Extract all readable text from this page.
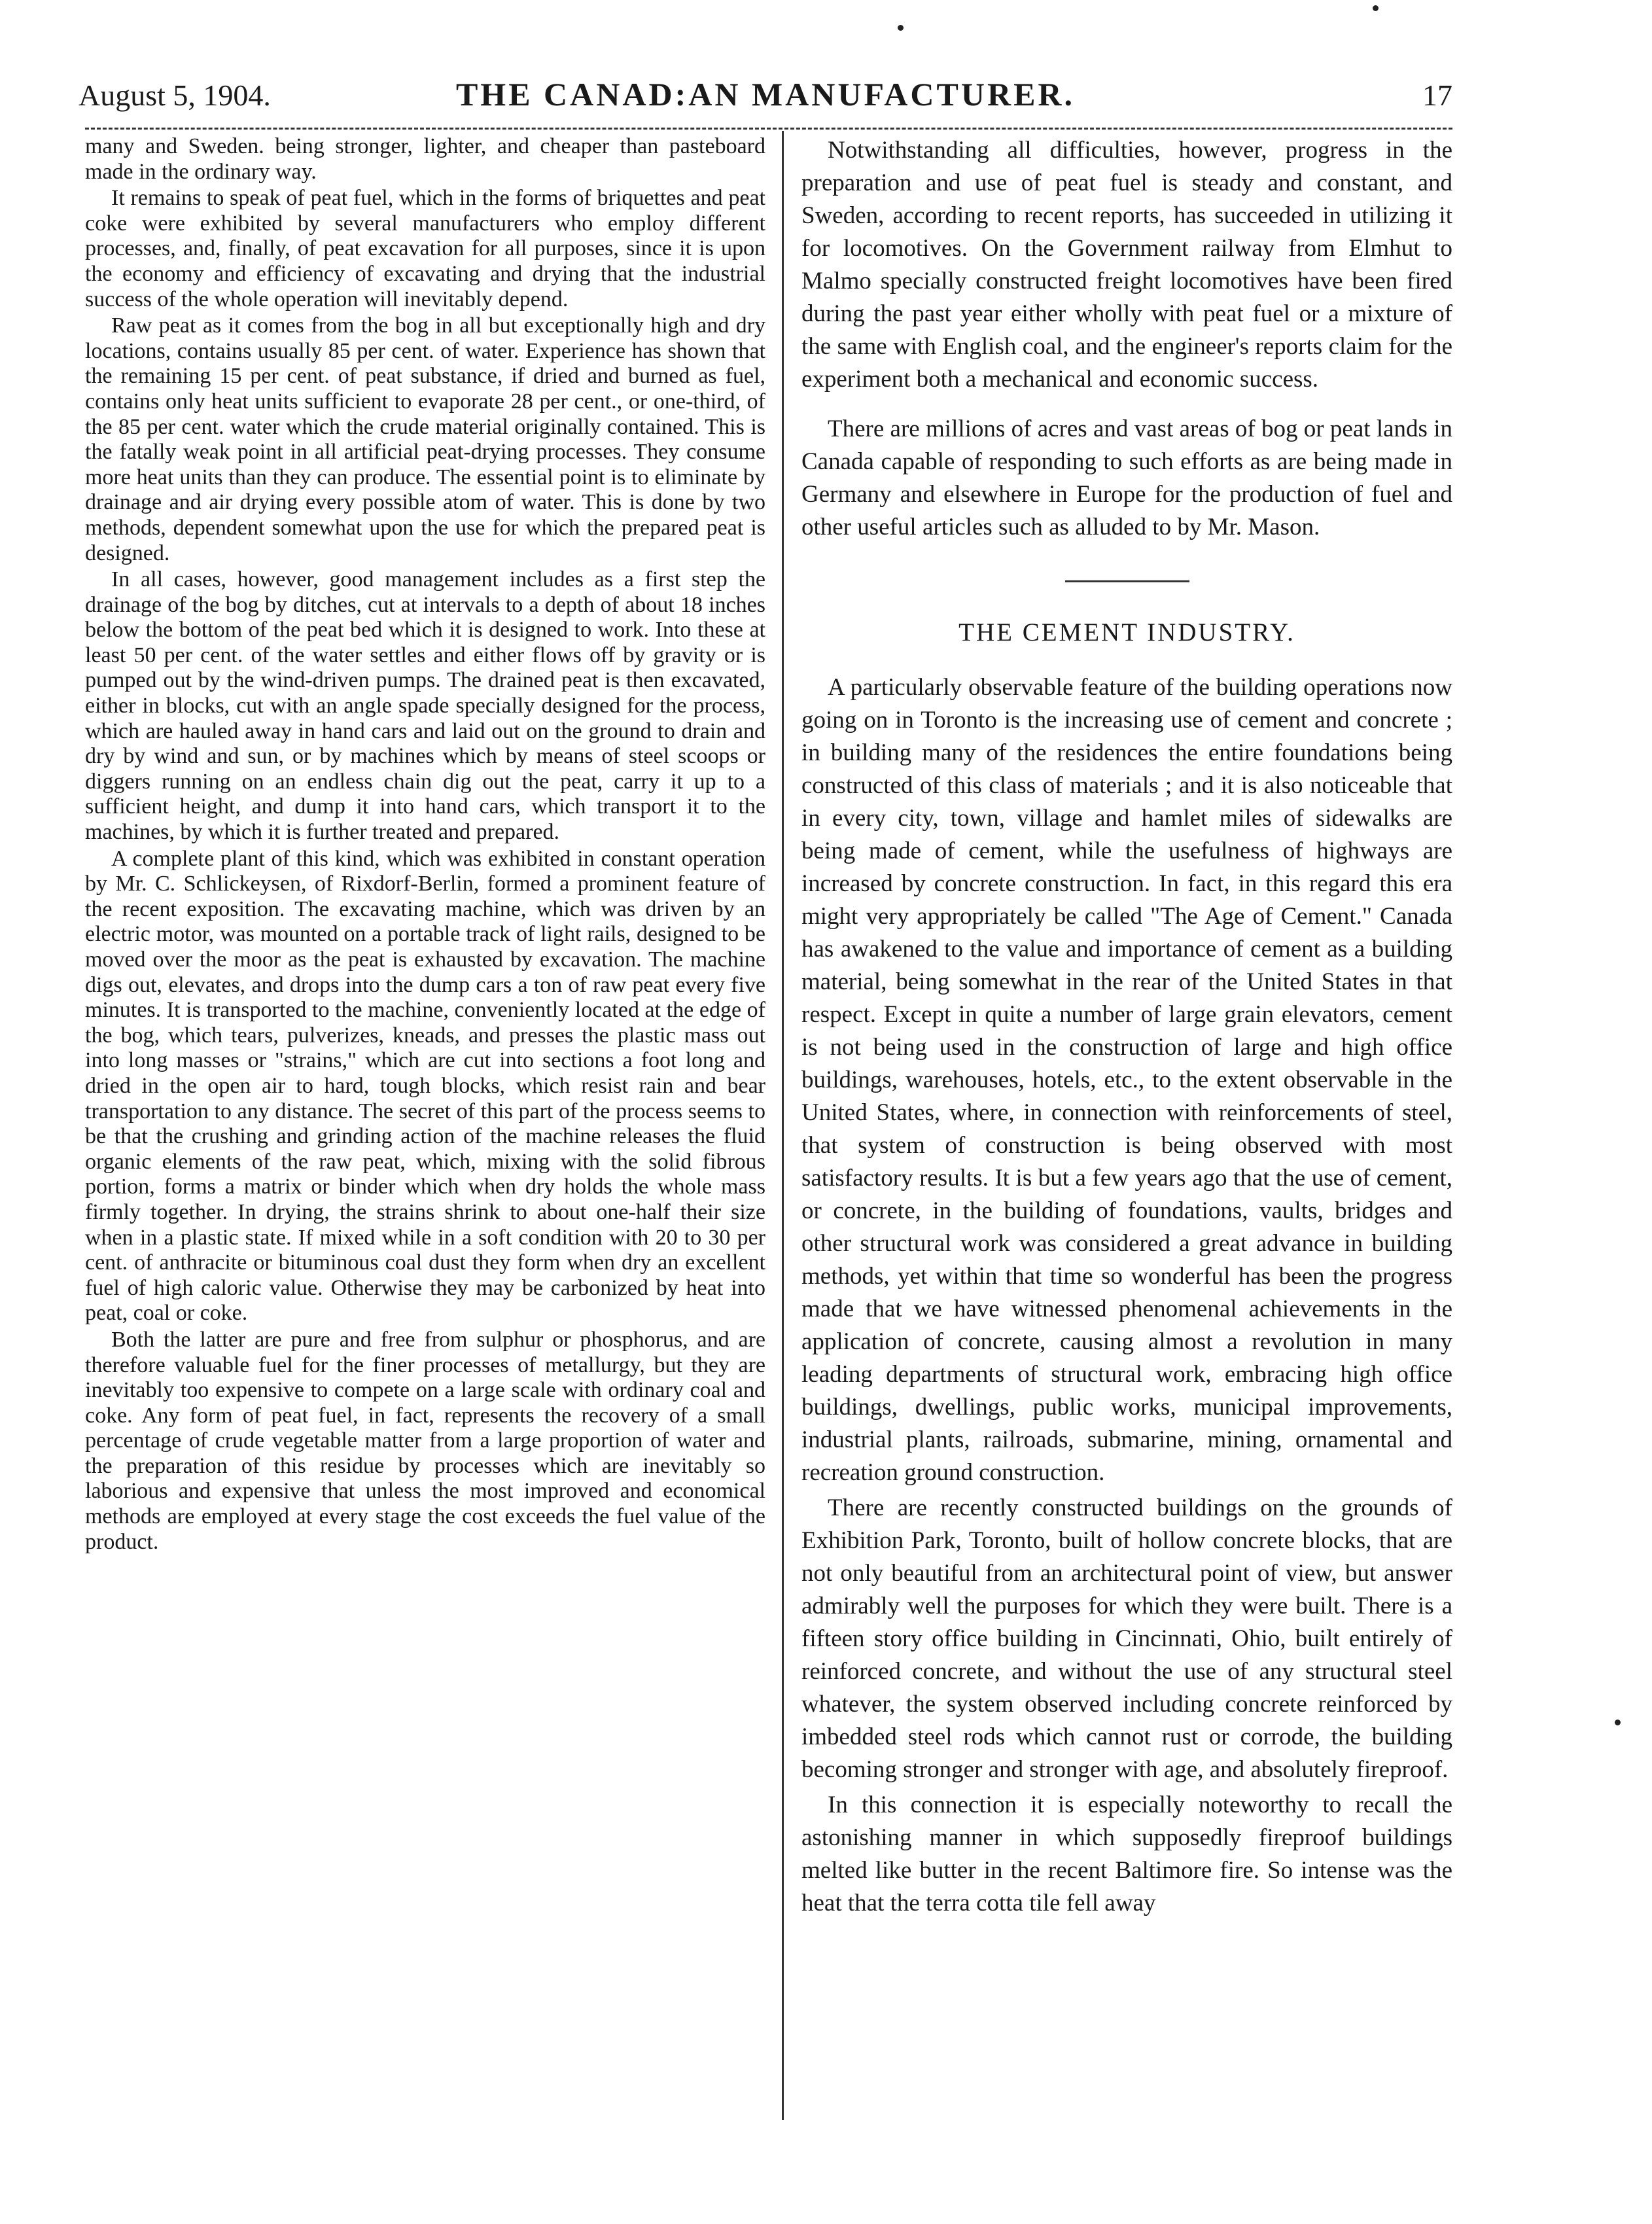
August 5, 1904.	THE CANAD:AN MANUFACTURER.	17

many and Sweden. being stronger, lighter, and cheaper than pasteboard made in the ordinary way.

It remains to speak of peat fuel, which in the forms of briquettes and peat coke were exhibited by several manufacturers who employ different processes, and, finally, of peat excavation for all purposes, since it is upon the economy and efficiency of excavating and drying that the industrial success of the whole operation will inevitably depend.

Raw peat as it comes from the bog in all but exceptionally high and dry locations, contains usually 85 per cent. of water. Experience has shown that the remaining 15 per cent. of peat substance, if dried and burned as fuel, contains only heat units sufficient to evaporate 28 per cent., or one-third, of the 85 per cent. water which the crude material originally contained. This is the fatally weak point in all artificial peat-drying processes. They consume more heat units than they can produce. The essential point is to eliminate by drainage and air drying every possible atom of water. This is done by two methods, dependent somewhat upon the use for which the prepared peat is designed.

In all cases, however, good management includes as a first step the drainage of the bog by ditches, cut at intervals to a depth of about 18 inches below the bottom of the peat bed which it is designed to work. Into these at least 50 per cent. of the water settles and either flows off by gravity or is pumped out by the wind-driven pumps. The drained peat is then excavated, either in blocks, cut with an angle spade specially designed for the process, which are hauled away in hand cars and laid out on the ground to drain and dry by wind and sun, or by machines which by means of steel scoops or diggers running on an endless chain dig out the peat, carry it up to a sufficient height, and dump it into hand cars, which transport it to the machines, by which it is further treated and prepared.

A complete plant of this kind, which was exhibited in constant operation by Mr. C. Schlickeysen, of Rixdorf-Berlin, formed a prominent feature of the recent exposition. The excavating machine, which was driven by an electric motor, was mounted on a portable track of light rails, designed to be moved over the moor as the peat is exhausted by excavation. The machine digs out, elevates, and drops into the dump cars a ton of raw peat every five minutes. It is transported to the machine, conveniently located at the edge of the bog, which tears, pulverizes, kneads, and presses the plastic mass out into long masses or "strains," which are cut into sections a foot long and dried in the open air to hard, tough blocks, which resist rain and bear transportation to any distance. The secret of this part of the process seems to be that the crushing and grinding action of the machine releases the fluid organic elements of the raw peat, which, mixing with the solid fibrous portion, forms a matrix or binder which when dry holds the whole mass firmly together. In drying, the strains shrink to about one-half their size when in a plastic state. If mixed while in a soft condition with 20 to 30 per cent. of anthracite or bituminous coal dust they form when dry an excellent fuel of high caloric value. Otherwise they may be carbonized by heat into peat, coal or coke.

Both the latter are pure and free from sulphur or phosphorus, and are therefore valuable fuel for the finer processes of metallurgy, but they are inevitably too expensive to compete on a large scale with ordinary coal and coke. Any form of peat fuel, in fact, represents the recovery of a small percentage of crude vegetable matter from a large proportion of water and the preparation of this residue by processes which are inevitably so laborious and expensive that unless the most improved and economical methods are employed at every stage the cost exceeds the fuel value of the product.

Notwithstanding all difficulties, however, progress in the preparation and use of peat fuel is steady and constant, and Sweden, according to recent reports, has succeeded in utilizing it for locomotives. On the Government railway from Elmhut to Malmo specially constructed freight locomotives have been fired during the past year either wholly with peat fuel or a mixture of the same with English coal, and the engineer's reports claim for the experiment both a mechanical and economic success.

There are millions of acres and vast areas of bog or peat lands in Canada capable of responding to such efforts as are being made in Germany and elsewhere in Europe for the production of fuel and other useful articles such as alluded to by Mr. Mason.

THE CEMENT INDUSTRY.

A particularly observable feature of the building operations now going on in Toronto is the increasing use of cement and concrete ; in building many of the residences the entire foundations being constructed of this class of materials ; and it is also noticeable that in every city, town, village and hamlet miles of sidewalks are being made of cement, while the usefulness of highways are increased by concrete construction. In fact, in this regard this era might very appropriately be called "The Age of Cement." Canada has awakened to the value and importance of cement as a building material, being somewhat in the rear of the United States in that respect. Except in quite a number of large grain elevators, cement is not being used in the construction of large and high office buildings, warehouses, hotels, etc., to the extent observable in the United States, where, in connection with reinforcements of steel, that system of construction is being observed with most satisfactory results. It is but a few years ago that the use of cement, or concrete, in the building of foundations, vaults, bridges and other structural work was considered a great advance in building methods, yet within that time so wonderful has been the progress made that we have witnessed phenomenal achievements in the application of concrete, causing almost a revolution in many leading departments of structural work, embracing high office buildings, dwellings, public works, municipal improvements, industrial plants, railroads, submarine, mining, ornamental and recreation ground construction.

There are recently constructed buildings on the grounds of Exhibition Park, Toronto, built of hollow concrete blocks, that are not only beautiful from an architectural point of view, but answer admirably well the purposes for which they were built. There is a fifteen story office building in Cincinnati, Ohio, built entirely of reinforced concrete, and without the use of any structural steel whatever, the system observed including concrete reinforced by imbedded steel rods which cannot rust or corrode, the building becoming stronger and stronger with age, and absolutely fireproof.

In this connection it is especially noteworthy to recall the astonishing manner in which supposedly fireproof buildings melted like butter in the recent Baltimore fire. So intense was the heat that the terra cotta tile fell away
